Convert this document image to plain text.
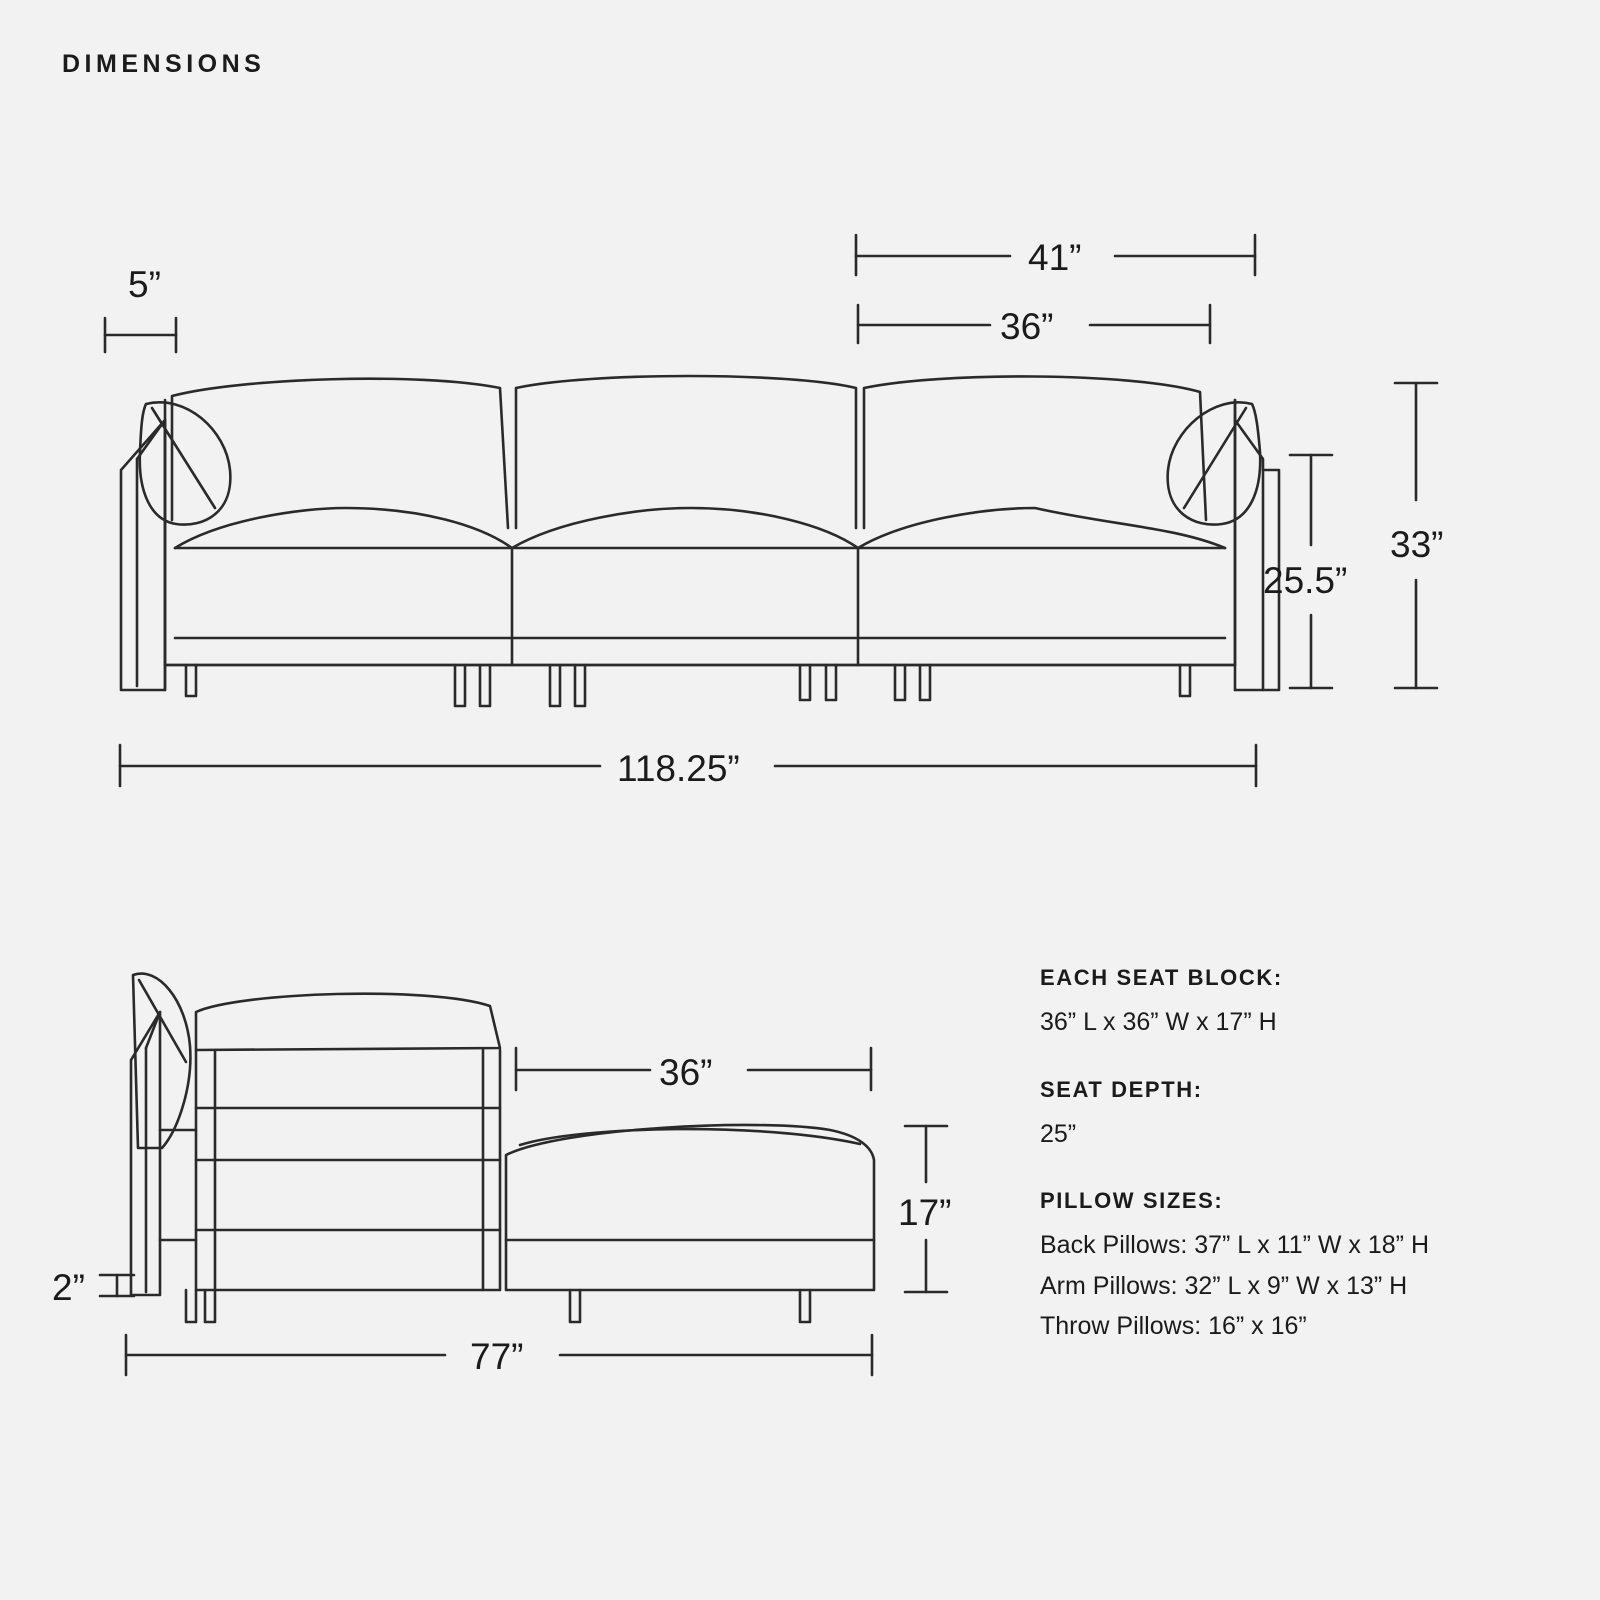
DIMENSIONS
5”
41”
36”
25.5”
33”
118.25”
36”
17”
2”
77”
EACH SEAT BLOCK:
36” L x 36” W x 17” H
SEAT DEPTH:
25”
PILLOW SIZES:
Back Pillows: 37” L x 11” W x 18” H
Arm Pillows: 32” L x 9” W x 13” H
Throw Pillows: 16” x 16”
